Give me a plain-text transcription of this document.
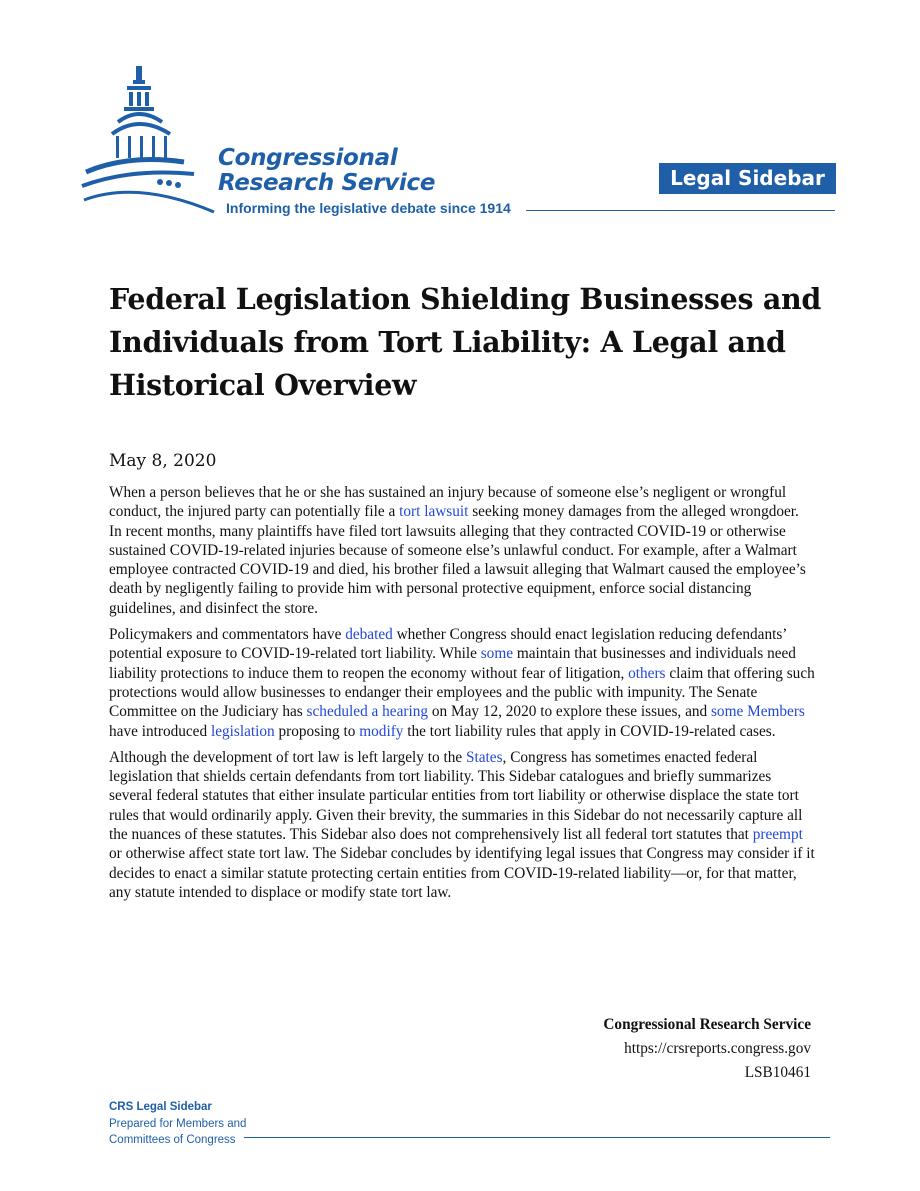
Congressional
Research Service
Informing the legislative debate since 1914
Legal Sidebar
Federal Legislation Shielding Businesses and Individuals from Tort Liability: A Legal and Historical Overview
May 8, 2020

When a person believes that he or she has sustained an injury because of someone else’s negligent or wrongful conduct, the injured party can potentially file a tort lawsuit seeking money damages from the alleged wrongdoer. In recent months, many plaintiffs have filed tort lawsuits alleging that they contracted COVID-19 or otherwise sustained COVID-19-related injuries because of someone else’s unlawful conduct. For example, after a Walmart employee contracted COVID-19 and died, his brother filed a lawsuit alleging that Walmart caused the employee’s death by negligently failing to provide him with personal protective equipment, enforce social distancing guidelines, and disinfect the store.

Policymakers and commentators have debated whether Congress should enact legislation reducing defendants’ potential exposure to COVID-19-related tort liability. While some maintain that businesses and individuals need liability protections to induce them to reopen the economy without fear of litigation, others claim that offering such protections would allow businesses to endanger their employees and the public with impunity. The Senate Committee on the Judiciary has scheduled a hearing on May 12, 2020 to explore these issues, and some Members have introduced legislation proposing to modify the tort liability rules that apply in COVID-19-related cases.

Although the development of tort law is left largely to the States, Congress has sometimes enacted federal legislation that shields certain defendants from tort liability. This Sidebar catalogues and briefly summarizes several federal statutes that either insulate particular entities from tort liability or otherwise displace the state tort rules that would ordinarily apply. Given their brevity, the summaries in this Sidebar do not necessarily capture all the nuances of these statutes. This Sidebar also does not comprehensively list all federal tort statutes that preempt or otherwise affect state tort law. The Sidebar concludes by identifying legal issues that Congress may consider if it decides to enact a similar statute protecting certain entities from COVID-19-related liability—or, for that matter, any statute intended to displace or modify state tort law.

Congressional Research Service
https://crsreports.congress.gov
LSB10461
CRS Legal Sidebar
Prepared for Members and
Committees of Congress
